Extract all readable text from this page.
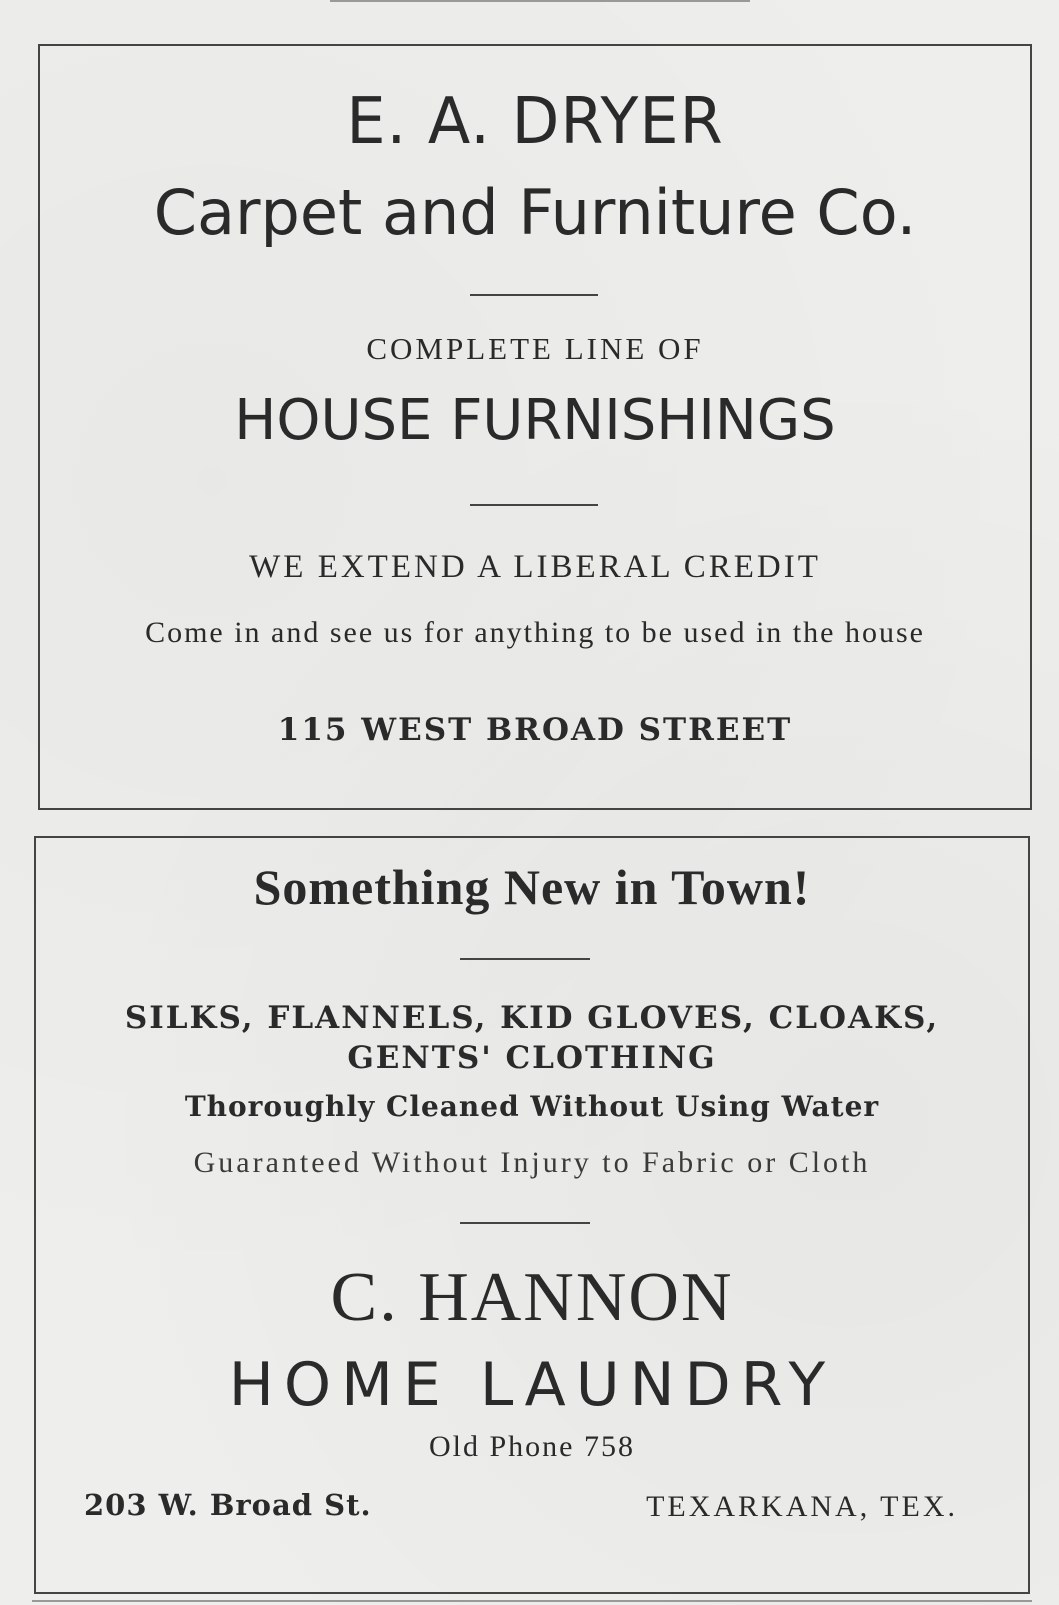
E. A. DRYER
Carpet and Furniture Co.
COMPLETE LINE OF
HOUSE FURNISHINGS
WE EXTEND A LIBERAL CREDIT
Come in and see us for anything to be used in the house
115 WEST BROAD STREET
Something New in Town!
SILKS, FLANNELS, KID GLOVES, CLOAKS, GENTS' CLOTHING
Thoroughly Cleaned Without Using Water
Guaranteed Without Injury to Fabric or Cloth
C. HANNON
HOME LAUNDRY
Old Phone 758
203 W. Broad St.	TEXARKANA, TEX.
